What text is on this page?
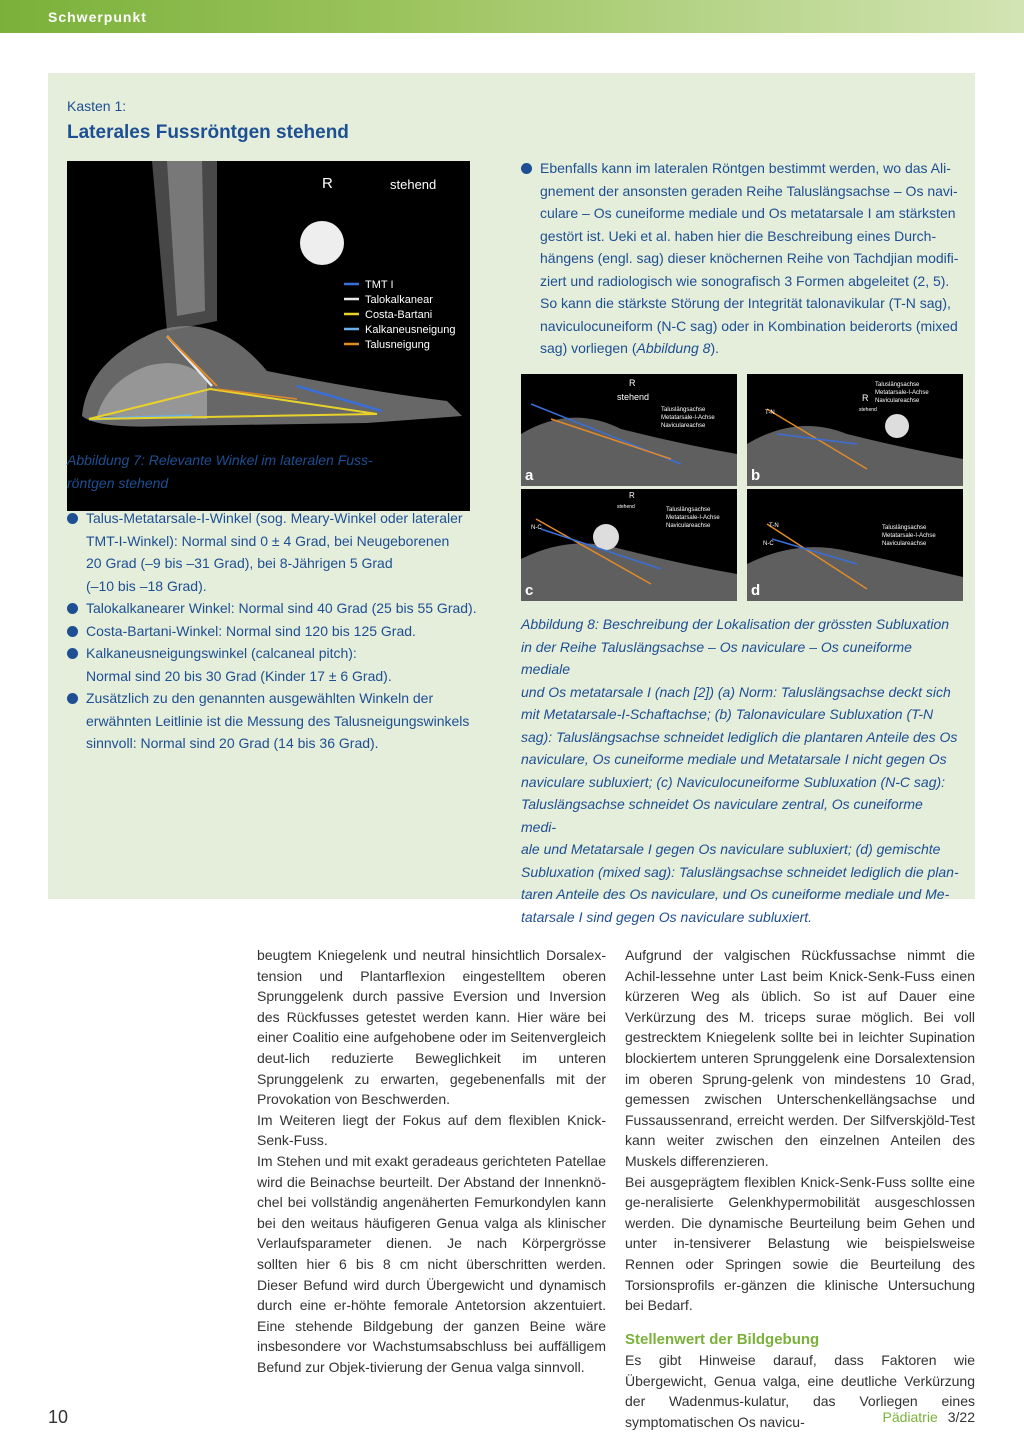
Schwerpunkt
Kasten 1:
Laterales Fussröntgen stehend
R	stehend
TMT I
Talokalkanear
Costa-Bartani
Kalkaneusneigung
Talusneigung
Abbildung 7: Relevante Winkel im lateralen Fuss-
röntgen stehend
Talus-Metatarsale-I-Winkel (sog. Meary-Winkel oder lateraler
TMT-I-Winkel): Normal sind 0 ± 4 Grad, bei Neugeborenen
20 Grad (–9 bis –31 Grad), bei 8-Jährigen 5 Grad
(–10 bis –18 Grad).
Talokalkanearer Winkel: Normal sind 40 Grad (25 bis 55 Grad).
Costa-Bartani-Winkel: Normal sind 120 bis 125 Grad.
Kalkaneusneigungswinkel (calcaneal pitch):
Normal sind 20 bis 30 Grad (Kinder 17 ± 6 Grad).
Zusätzlich zu den genannten ausgewählten Winkeln der
erwähnten Leitlinie ist die Messung des Talusneigungswinkels
sinnvoll: Normal sind 20 Grad (14 bis 36 Grad).
Ebenfalls kann im lateralen Röntgen bestimmt werden, wo das Ali-
gnement der ansonsten geraden Reihe Taluslängsachse – Os navi-
culare – Os cuneiforme mediale und Os metatarsale I am stärksten
gestört ist. Ueki et al. haben hier die Beschreibung eines Durch-
hängens (engl. sag) dieser knöchernen Reihe von Tachdjian modifi-
ziert und radiologisch wie sonografisch 3 Formen abgeleitet (2, 5).
So kann die stärkste Störung der Integrität talonavikular (T-N sag),
naviculocuneiform (N-C sag) oder in Kombination beiderorts (mixed
sag) vorliegen (Abbildung 8).
R
stehend
Taluslängsachse
Metatarsale-I-Achse
Naviculareachse
a
R
stehend
Taluslängsachse
Metatarsale-I-Achse
Naviculareachse
T-N
b
R
stehend	Taluslängsachse
Metatarsale-I-Achse
Naviculareachse
N-C
c
Taluslängsachse
Metatarsale-I-Achse
Naviculareachse
T-N
N-C
d
Abbildung 8: Beschreibung der Lokalisation der grössten Subluxation
in der Reihe Taluslängsachse – Os naviculare – Os cuneiforme mediale
und Os metatarsale I (nach [2]) (a) Norm: Taluslängsachse deckt sich
mit Metatarsale-I-Schaftachse; (b) Talonaviculare Subluxation (T-N
sag): Taluslängsachse schneidet lediglich die plantaren Anteile des Os
naviculare, Os cuneiforme mediale und Metatarsale I nicht gegen Os
naviculare subluxiert; (c) Naviculocuneiforme Subluxation (N-C sag):
Taluslängsachse schneidet Os naviculare zentral, Os cuneiforme medi-
ale und Metatarsale I gegen Os naviculare subluxiert; (d) gemischte
Subluxation (mixed sag): Taluslängsachse schneidet lediglich die plan-
taren Anteile des Os naviculare, und Os cuneiforme mediale und Me-
tatarsale I sind gegen Os naviculare subluxiert.

beugtem Kniegelenk und neutral hinsichtlich Dorsalex-tension und Plantarflexion eingestelltem oberen Sprunggelenk durch passive Eversion und Inversion des Rückfusses getestet werden kann. Hier wäre bei einer Coalitio eine aufgehobene oder im Seitenvergleich deut-lich reduzierte Beweglichkeit im unteren Sprunggelenk zu erwarten, gegebenenfalls mit der Provokation von Beschwerden.

Im Weiteren liegt der Fokus auf dem flexiblen Knick-Senk-Fuss.

Im Stehen und mit exakt geradeaus gerichteten Patellae wird die Beinachse beurteilt. Der Abstand der Innenknö-chel bei vollständig angenäherten Femurkondylen kann bei den weitaus häufigeren Genua valga als klinischer Verlaufsparameter dienen. Je nach Körpergrösse sollten hier 6 bis 8 cm nicht überschritten werden. Dieser Befund wird durch Übergewicht und dynamisch durch eine er-höhte femorale Antetorsion akzentuiert. Eine stehende Bildgebung der ganzen Beine wäre insbesondere vor Wachstumsabschluss bei auffälligem Befund zur Objek-tivierung der Genua valga sinnvoll.

Aufgrund der valgischen Rückfussachse nimmt die Achil-lessehne unter Last beim Knick-Senk-Fuss einen kürzeren Weg als üblich. So ist auf Dauer eine Verkürzung des M. triceps surae möglich. Bei voll gestrecktem Kniegelenk sollte bei in leichter Supination blockiertem unteren Sprunggelenk eine Dorsalextension im oberen Sprung-gelenk von mindestens 10 Grad, gemessen zwischen Unterschenkellängsachse und Fussaussenrand, erreicht werden. Der Silfverskjöld-Test kann weiter zwischen den einzelnen Anteilen des Muskels differenzieren.

Bei ausgeprägtem flexiblen Knick-Senk-Fuss sollte eine ge-neralisierte Gelenkhypermobilität ausgeschlossen werden. Die dynamische Beurteilung beim Gehen und unter in-tensiverer Belastung wie beispielsweise Rennen oder Springen sowie die Beurteilung des Torsionsprofils er-gänzen die klinische Untersuchung bei Bedarf.

Stellenwert der Bildgebung

Es gibt Hinweise darauf, dass Faktoren wie Übergewicht, Genua valga, eine deutliche Verkürzung der Wadenmus-kulatur, das Vorliegen eines symptomatischen Os navicu-

10	Pädiatrie 3/22
